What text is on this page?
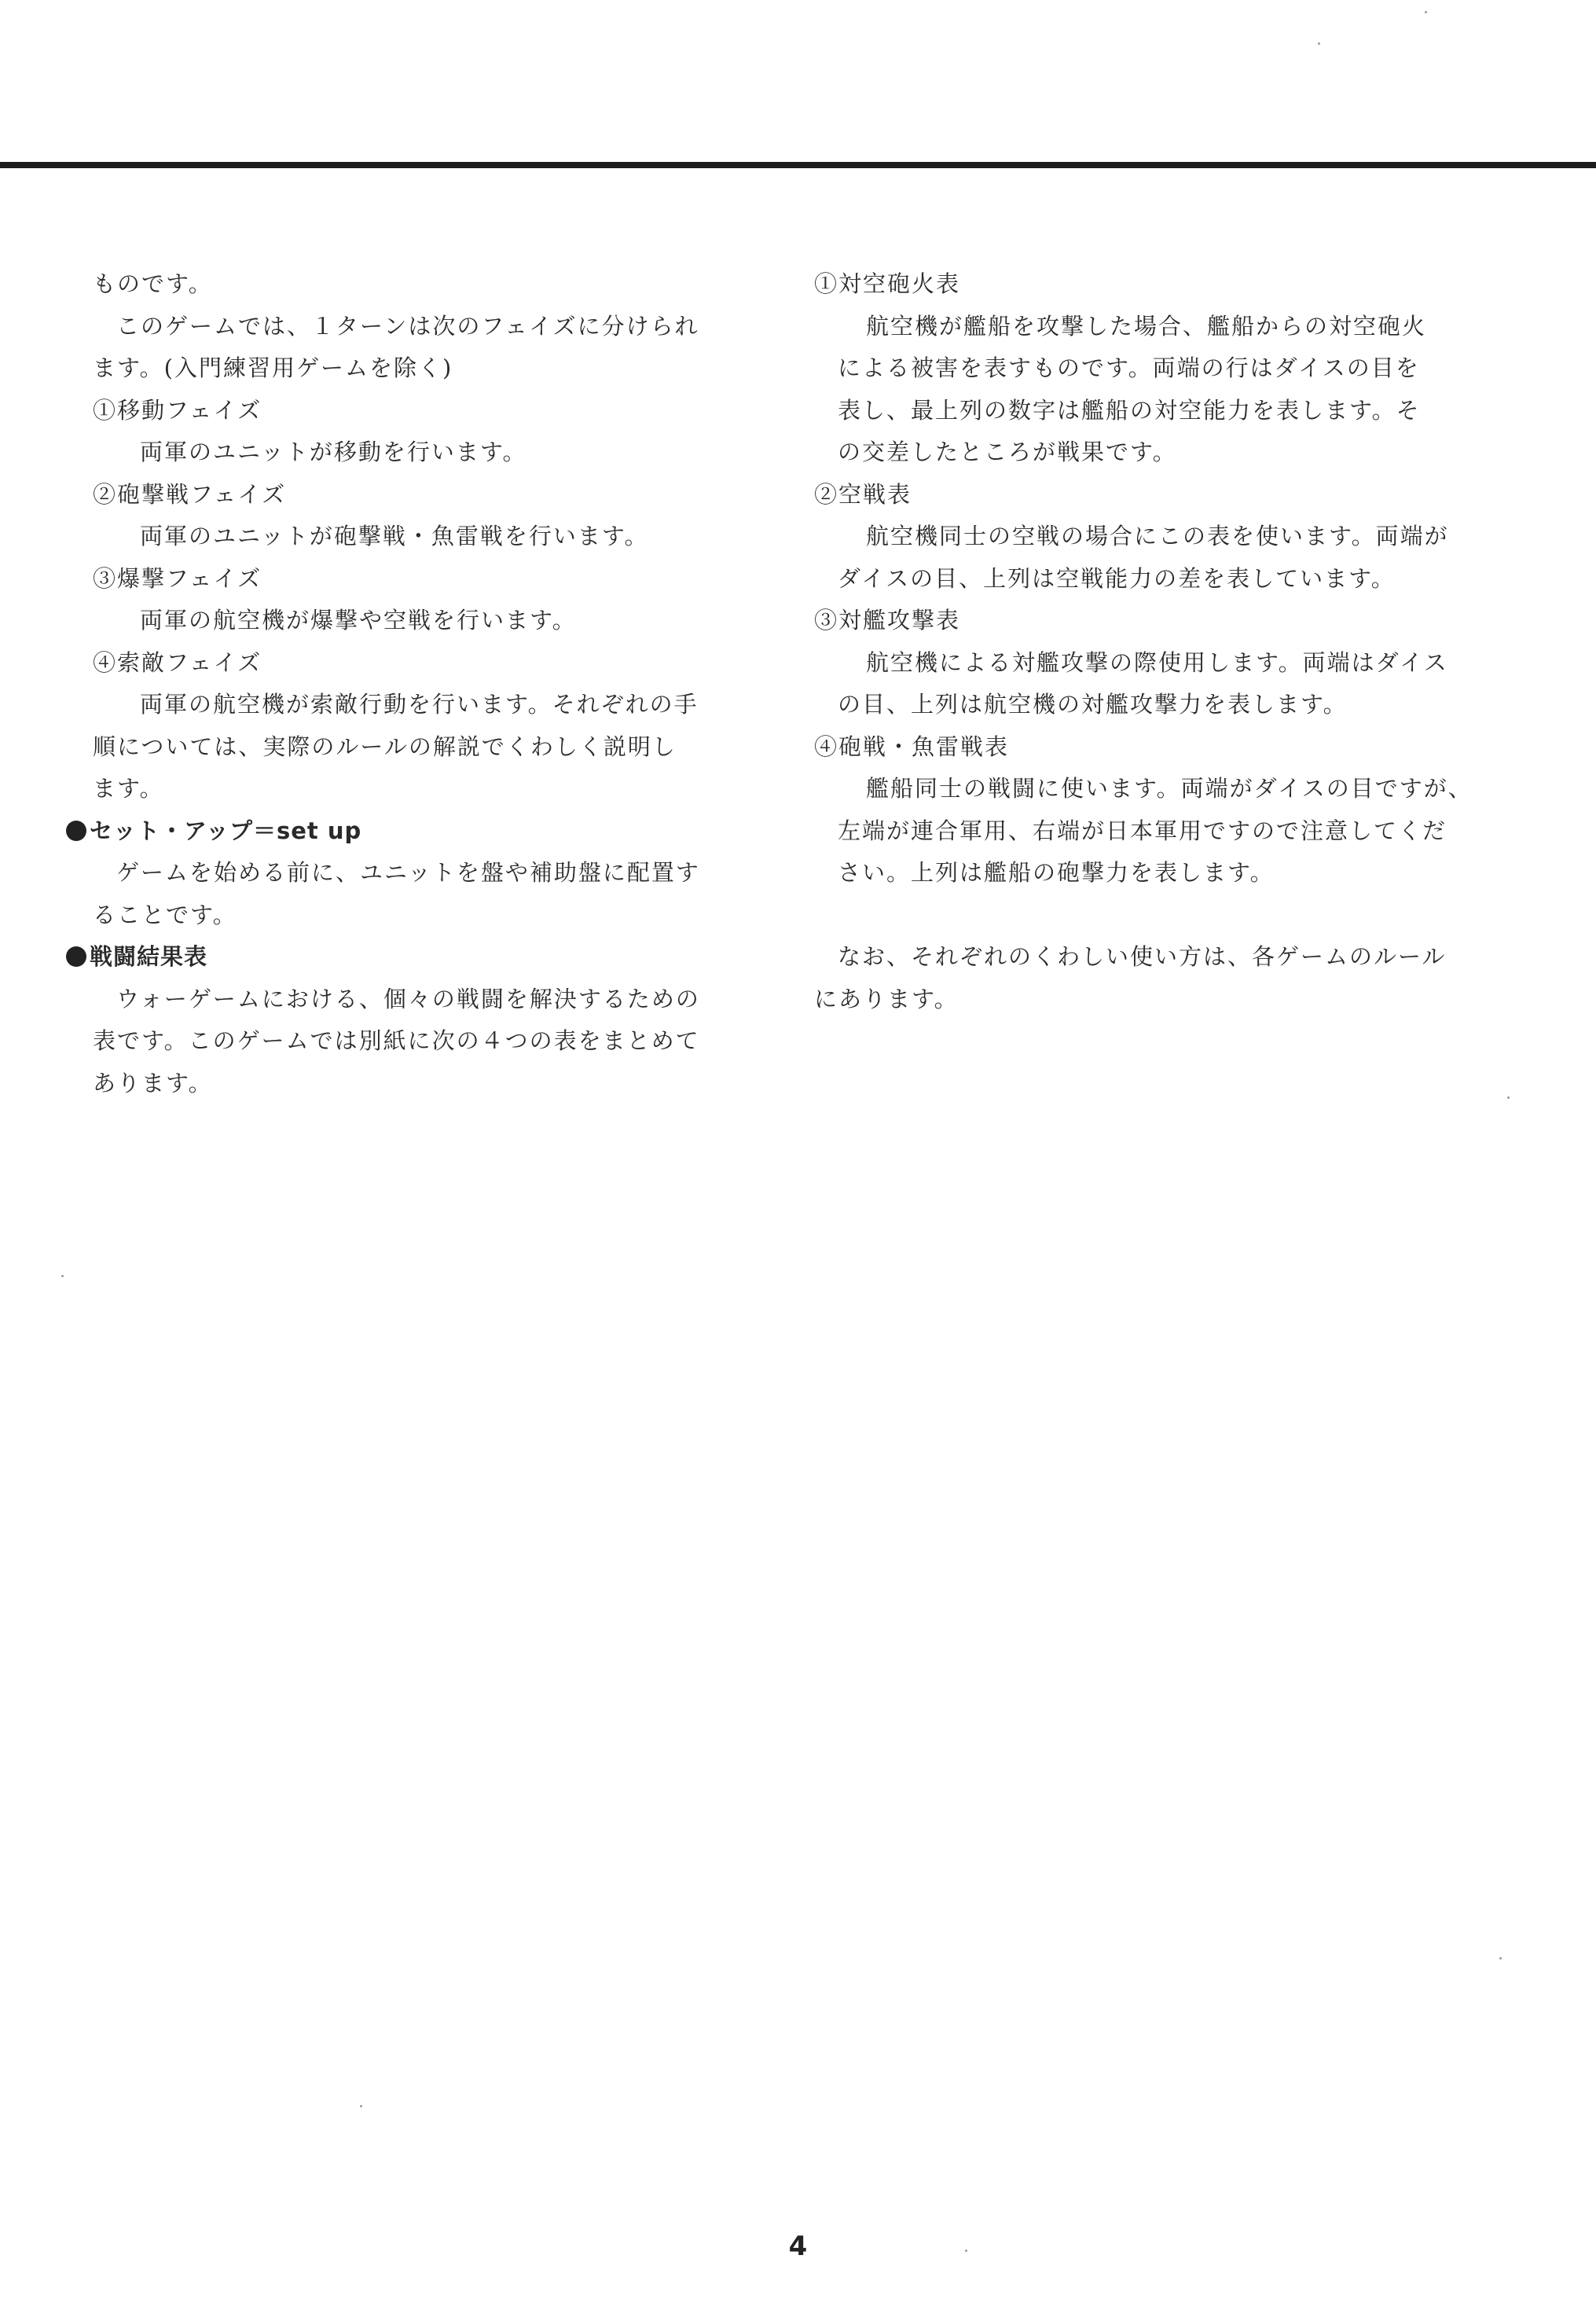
ものです。
このゲームでは、１ターンは次のフェイズに分けられ
ます。(入門練習用ゲームを除く)
①移動フェイズ
両軍のユニットが移動を行います。
②砲撃戦フェイズ
両軍のユニットが砲撃戦・魚雷戦を行います。
③爆撃フェイズ
両軍の航空機が爆撃や空戦を行います。
④索敵フェイズ
両軍の航空機が索敵行動を行います。それぞれの手
順については、実際のルールの解説でくわしく説明し
ます。
セット・アップ＝set up
ゲームを始める前に、ユニットを盤や補助盤に配置す
ることです。
戦闘結果表
ウォーゲームにおける、個々の戦闘を解決するための
表です。このゲームでは別紙に次の４つの表をまとめて
あります。
①対空砲火表
航空機が艦船を攻撃した場合、艦船からの対空砲火
による被害を表すものです。両端の行はダイスの目を
表し、最上列の数字は艦船の対空能力を表します。そ
の交差したところが戦果です。
②空戦表
航空機同士の空戦の場合にこの表を使います。両端が
ダイスの目、上列は空戦能力の差を表しています。
③対艦攻撃表
航空機による対艦攻撃の際使用します。両端はダイス
の目、上列は航空機の対艦攻撃力を表します。
④砲戦・魚雷戦表
艦船同士の戦闘に使います。両端がダイスの目ですが、
左端が連合軍用、右端が日本軍用ですので注意してくだ
さい。上列は艦船の砲撃力を表します。
なお、それぞれのくわしい使い方は、各ゲームのルール
にあります。
4
